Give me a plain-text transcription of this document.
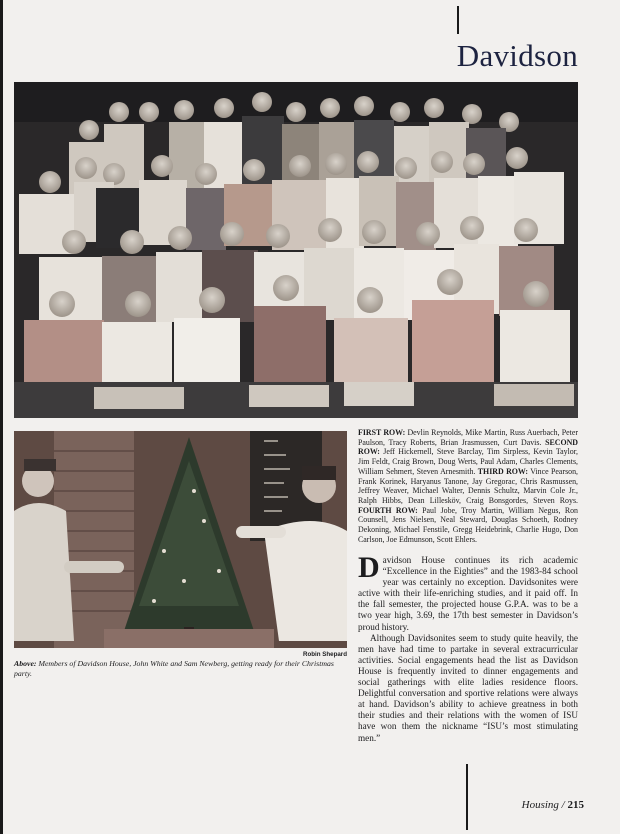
Davidson
Robin Shepard
Above: Members of Davidson House, John White and Sam Newberg, getting ready for their Christmas party.
FIRST ROW: Devlin Reynolds, Mike Martin, Russ Auerbach, Peter Paulson, Tracy Roberts, Brian Jrasmussen, Curt Davis. SECOND ROW: Jeff Hickernell, Steve Barclay, Tim Sirpless, Kevin Taylor, Jim Feldt, Craig Brown, Doug Werts, Paul Adam, Charles Clements, William Sehmert, Steven Arnesmith. THIRD ROW: Vince Pearson, Frank Korinek, Haryanus Tanone, Jay Gregorac, Chris Rasmussen, Jeffrey Weaver, Michael Walter, Dennis Schultz, Marvin Cole Jr., Ralph Hibbs, Dean Lillesköv, Craig Bonsgordes, Steven Roys. FOURTH ROW: Paul Jobe, Troy Martin, William Negus, Ron Counsell, Jens Nielsen, Neal Steward, Douglas Schoeth, Rodney Dekoning, Michael Fenstile, Gregg Heidebrink, Charlie Hugo, Don Carlson, Joe Edmunson, Scott Ehlers.

Davidson House continues its rich academic “Excellence in the Eighties” and the 1983-84 school year was certainly no exception. Davidsonites were active with their life-enriching studies, and it paid off. In the fall semester, the projected house G.P.A. was to be a two year high, 3.69, the 17th best semester in Davidson’s proud history.

Although Davidsonites seem to study quite heavily, the men have had time to partake in several extracurricular activities. Social engagements head the list as Davidson House is frequently invited to dinner engagements and social gatherings with elite ladies residence floors. Delightful conversation and sportive relations were always at hand. Davidson’s ability to achieve greatness in both their studies and their relations with the women of ISU have won them the nickname “ISU’s most stimulating men.”

Housing / 215
